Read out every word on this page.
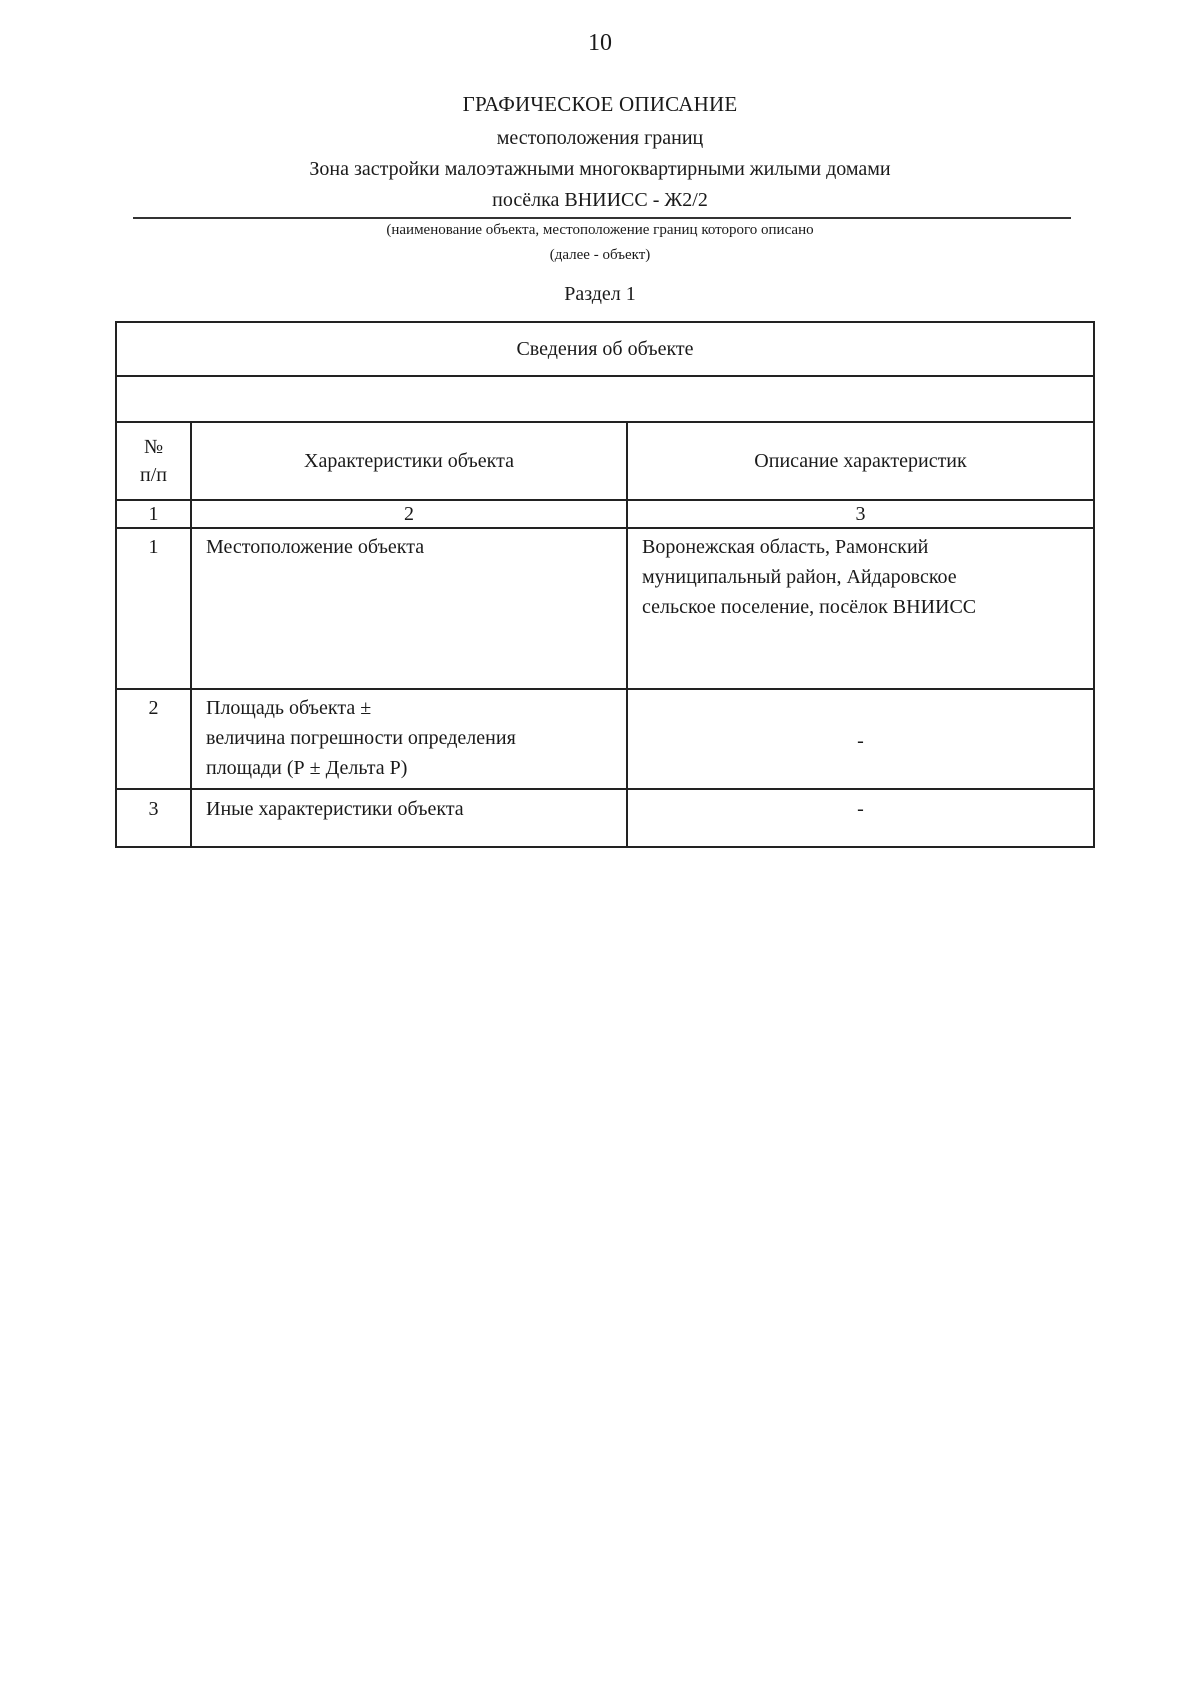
10
ГРАФИЧЕСКОЕ ОПИСАНИЕ
местоположения границ
Зона застройки малоэтажными многоквартирными жилыми домами
посёлка ВНИИСС - Ж2/2
(наименование объекта, местоположение границ которого описано
(далее - объект)
Раздел 1
Сведения об объекте		

№
п/п	Характеристики объекта	Описание характеристик
1	2	3
1	Местоположение объекта	Воронежская область, Рамонский
муниципальный район, Айдаровское
сельское поселение, посёлок ВНИИСС

2	Площадь объекта ±
величина погрешности определения
площади (Р ± Дельта Р)	-
3	Иные характеристики объекта	-
